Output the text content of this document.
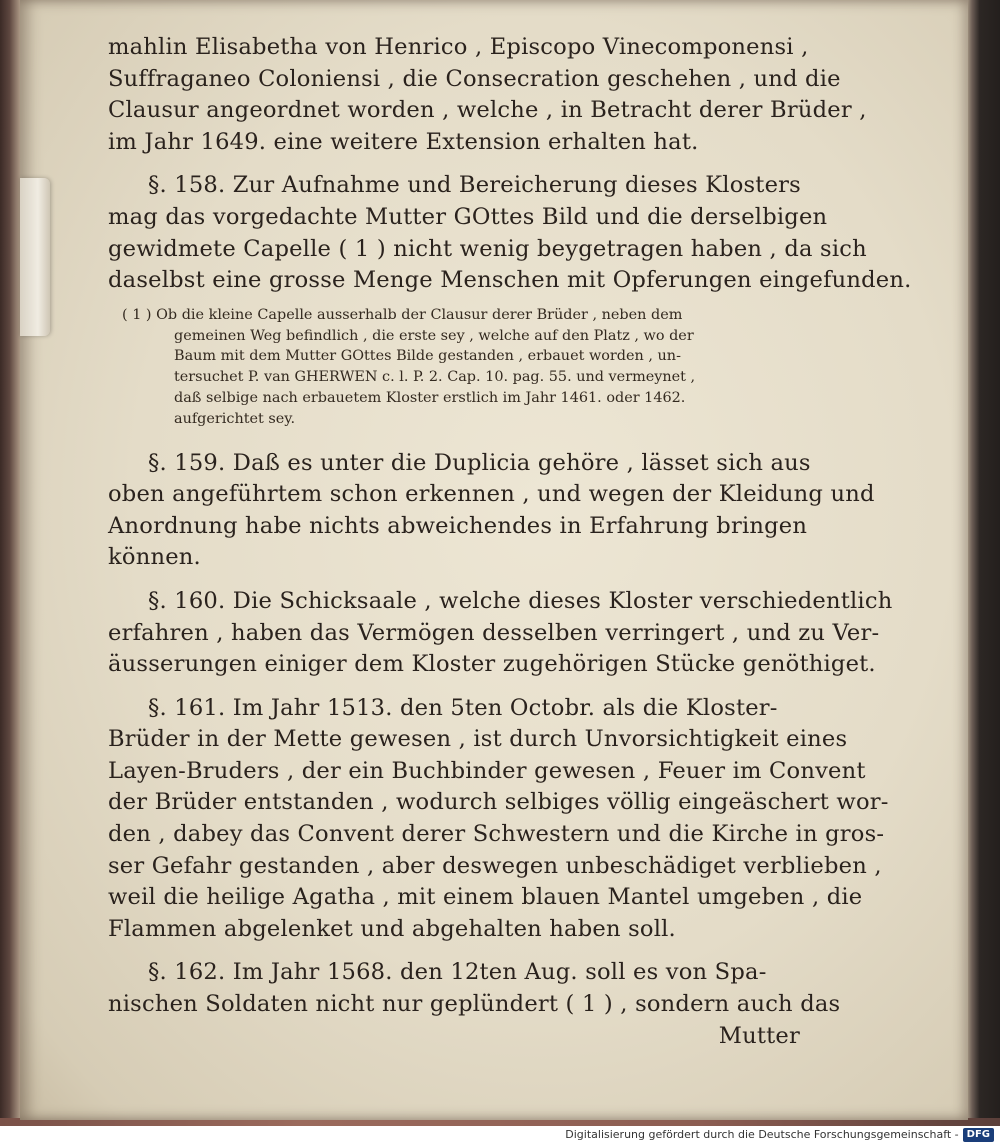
mahlin Elisabetha von Henrico , Episcopo Vinecomponensi ,
Suffraganeo Coloniensi , die Consecration geschehen , und die
Clausur angeordnet worden , welche , in Betracht derer Brüder ,
im Jahr 1649. eine weitere Extension erhalten hat.

§. 158. Zur Aufnahme und Bereicherung dieses Klosters
mag das vorgedachte Mutter GOttes Bild und die derselbigen
gewidmete Capelle ( 1 ) nicht wenig beygetragen haben , da sich
daselbst eine grosse Menge Menschen mit Opferungen eingefunden.

( 1 ) Ob die kleine Capelle ausserhalb der Clausur derer Brüder , neben dem
gemeinen Weg befindlich , die erste sey , welche auf den Platz , wo der
Baum mit dem Mutter GOttes Bilde gestanden , erbauet worden , un-
tersuchet P. van GHERWEN c. l. P. 2. Cap. 10. pag. 55. und vermeynet ,
daß selbige nach erbauetem Kloster erstlich im Jahr 1461. oder 1462.
aufgerichtet sey.

§. 159. Daß es unter die Duplicia gehöre , lässet sich aus
oben angeführtem schon erkennen , und wegen der Kleidung und
Anordnung habe nichts abweichendes in Erfahrung bringen
können.

§. 160. Die Schicksaale , welche dieses Kloster verschiedentlich
erfahren , haben das Vermögen desselben verringert , und zu Ver-
äusserungen einiger dem Kloster zugehörigen Stücke genöthiget.

§. 161. Im Jahr 1513. den 5ten Octobr. als die Kloster-
Brüder in der Mette gewesen , ist durch Unvorsichtigkeit eines
Layen-Bruders , der ein Buchbinder gewesen , Feuer im Convent
der Brüder entstanden , wodurch selbiges völlig eingeäschert wor-
den , dabey das Convent derer Schwestern und die Kirche in gros-
ser Gefahr gestanden , aber deswegen unbeschädiget verblieben ,
weil die heilige Agatha , mit einem blauen Mantel umgeben , die
Flammen abgelenket und abgehalten haben soll.

§. 162. Im Jahr 1568. den 12ten Aug. soll es von Spa-
nischen Soldaten nicht nur geplündert ( 1 ) , sondern auch das
Mutter

Digitalisierung gefördert durch die Deutsche Forschungsgemeinschaft - DFG
